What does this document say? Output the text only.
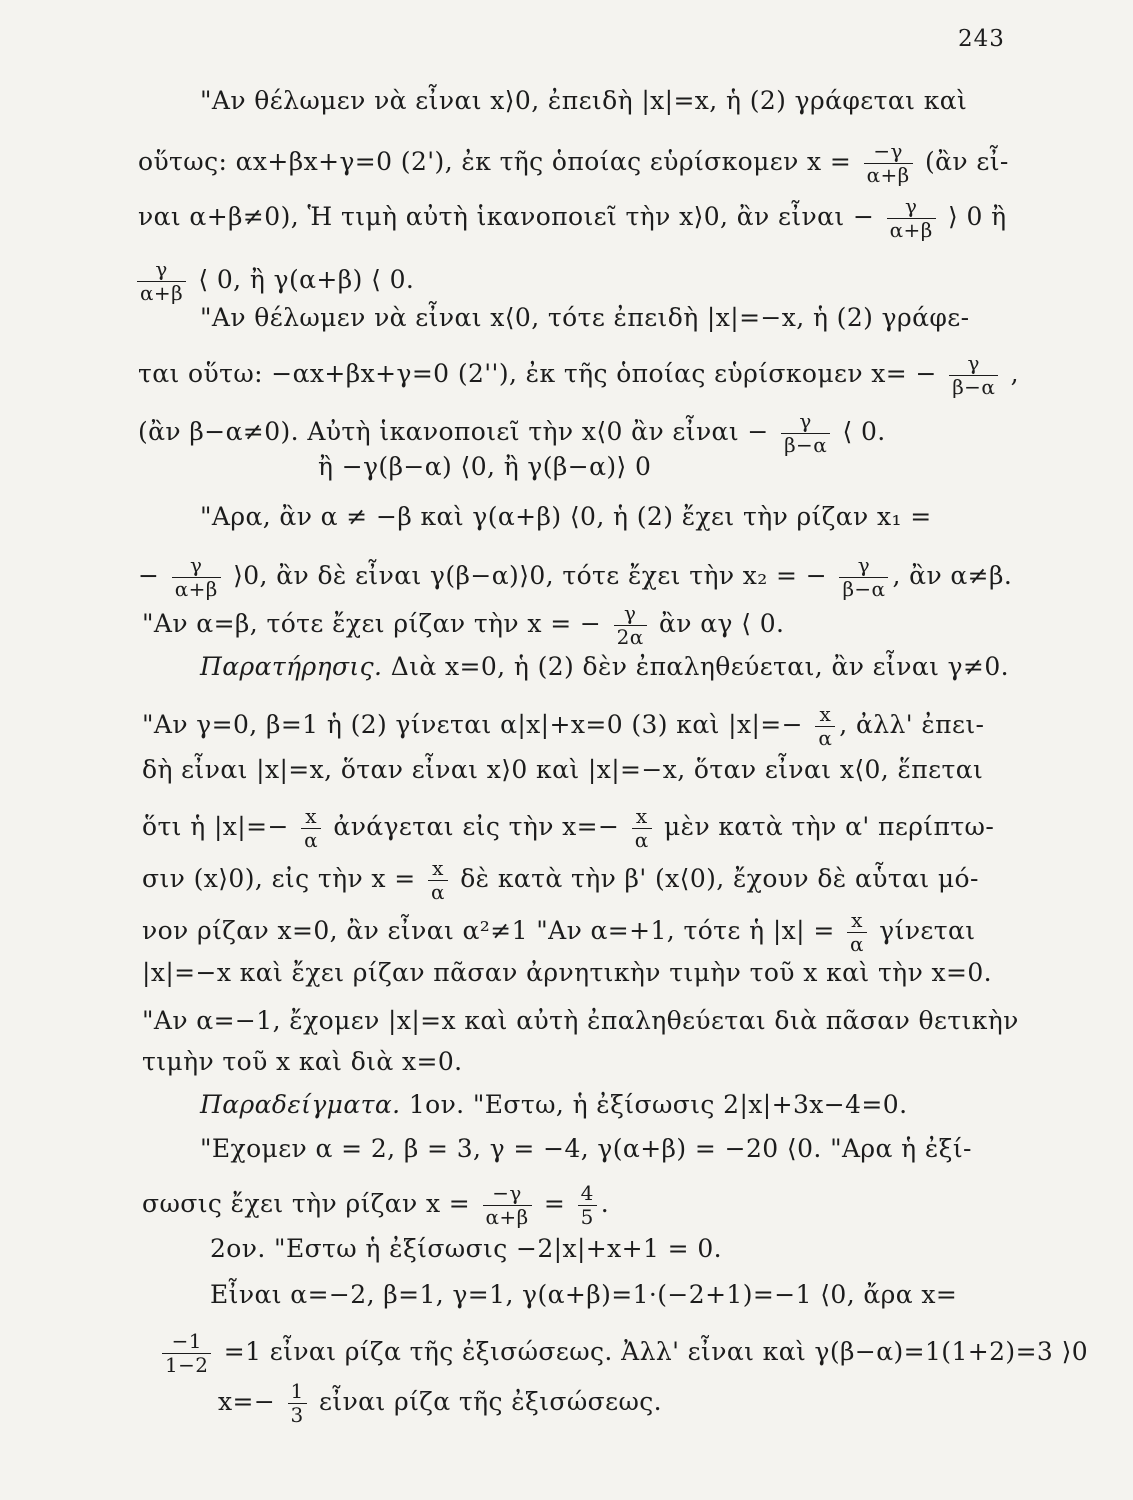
243
"Αν θέλωμεν νὰ εἶναι x⟩0, ἐπειδὴ |x|=x, ἡ (2) γράφεται καὶ
οὕτως: αx+βx+γ=0 (2'), ἐκ τῆς ὁποίας εὑρίσκομεν $x = \frac{-\gamma}{\alpha+\beta}$ (ἂν εἶ-
ναι α+β≠0), Ἡ τιμὴ αὐτὴ ἱκανοποιεῖ τὴν x⟩0, ἂν εἶναι − $\frac{\gamma}{\alpha+\beta}$ ⟩ 0 ἢ
$\frac{\gamma}{\alpha+\beta}$ ⟨ 0, ἢ γ(α+β) ⟨ 0.
"Αν θέλωμεν νὰ εἶναι x⟨0, τότε ἐπειδὴ |x|=−x, ἡ (2) γράφε-
ται οὕτω: −αx+βx+γ=0 (2''), ἐκ τῆς ὁποίας εὑρίσκομεν $x= - \frac{\gamma}{\beta-\alpha}$ ,
(ἂν β−α≠0). Αὐτὴ ἱκανοποιεῖ τὴν x⟨0 ἂν εἶναι − $\frac{\gamma}{\beta-\alpha}$ ⟨ 0.
ἢ −γ(β−α) ⟨0, ἢ γ(β−α)⟩ 0
"Αρα, ἂν α ≠ −β καὶ γ(α+β) ⟨0, ἡ (2) ἔχει τὴν ρίζαν x₁ =
− $\frac{\gamma}{\alpha+\beta}$ ⟩0, ἂν δὲ εἶναι γ(β−α)⟩0, τότε ἔχει τὴν x₂ = − $\frac{\gamma}{\beta-\alpha}$ , ἂν α≠β.
"Αν α=β, τότε ἔχει ρίζαν τὴν x = − $\frac{\gamma}{2\alpha}$ ἂν αγ ⟨ 0.
Παρατήρησις. Διὰ x=0, ἡ (2) δὲν ἐπαληθεύεται, ἂν εἶναι γ≠0.
"Αν γ=0, β=1 ἡ (2) γίνεται α|x|+x=0 (3) καὶ $|x|=- \frac{x}{\alpha}$ , ἀλλ' ἐπει-
δὴ εἶναι |x|=x, ὅταν εἶναι x⟩0 καὶ |x|=−x, ὅταν εἶναι x⟨0, ἕπεται
ὅτι ἡ $|x|=- \frac{x}{\alpha}$ ἀνάγεται εἰς τὴν $x=- \frac{x}{\alpha}$ μὲν κατὰ τὴν α' περίπτω-
σιν (x⟩0), εἰς τὴν $x = \frac{x}{\alpha}$ δὲ κατὰ τὴν β' (x⟨0), ἔχουν δὲ αὗται μό-
νον ρίζαν x=0, ἂν εἶναι α²≠1 "Αν α=+1, τότε ἡ $|x| = \frac{x}{\alpha}$ γίνεται
|x|=−x καὶ ἔχει ρίζαν πᾶσαν ἀρνητικὴν τιμὴν τοῦ x καὶ τὴν x=0.
"Αν α=−1, ἔχομεν |x|=x καὶ αὐτὴ ἐπαληθεύεται διὰ πᾶσαν θετικὴν
τιμὴν τοῦ x καὶ διὰ x=0.
Παραδείγματα. 1ον. "Εστω, ἡ ἐξίσωσις 2|x|+3x−4=0.
"Εχομεν α = 2, β = 3, γ = −4, γ(α+β) = −20 ⟨0. "Αρα ἡ ἐξί-
σωσις ἔχει τὴν ρίζαν $x = \frac{-\gamma}{\alpha+\beta} = \frac{4}{5}$ .
2ον. "Εστω ἡ ἐξίσωσις −2|x|+x+1 = 0.
Εἶναι α=−2, β=1, γ=1, γ(α+β)=1·(−2+1)=−1 ⟨0, ἄρα x=
$\frac{-1}{1-2} =1$ εἶναι ρίζα τῆς ἐξισώσεως. Ἀλλ' εἶναι καὶ γ(β−α)=1(1+2)=3 ⟩0
$x=- \frac{1}{3}$ εἶναι ρίζα τῆς ἐξισώσεως.
